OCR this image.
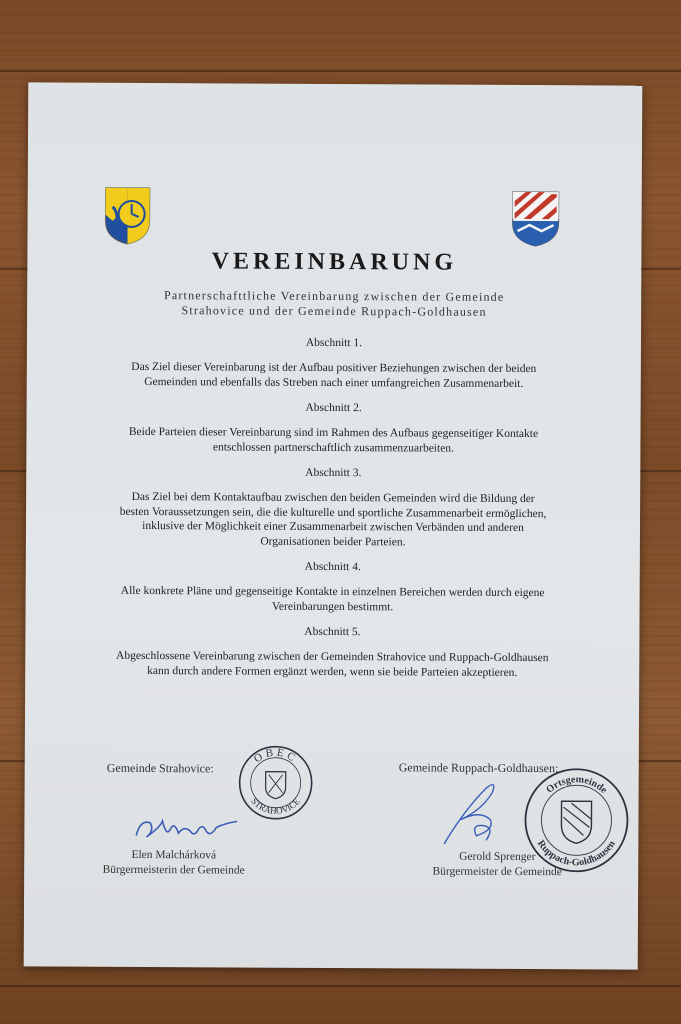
VEREINBARUNG
Partnerschafttliche Vereinbarung zwischen der Gemeinde
Strahovice und der Gemeinde Ruppach-Goldhausen
Abschnitt 1.
Das Ziel dieser Vereinbarung ist der Aufbau positiver Beziehungen zwischen der beiden
Gemeinden und ebenfalls das Streben nach einer umfangreichen Zusammenarbeit.
Abschnitt 2.
Beide Parteien dieser Vereinbarung sind im Rahmen des Aufbaus gegenseitiger Kontakte
entschlossen partnerschaftlich zusammenzuarbeiten.
Abschnitt 3.
Das Ziel bei dem Kontaktaufbau zwischen den beiden Gemeinden wird die Bildung der
besten Voraussetzungen sein, die die kulturelle und sportliche Zusammenarbeit ermöglichen,
inklusive der Möglichkeit einer Zusammenarbeit zwischen Verbänden und anderen
Organisationen beider Parteien.
Abschnitt 4.
Alle konkrete Pläne und gegenseitige Kontakte in einzelnen Bereichen werden durch eigene
Vereinbarungen bestimmt.
Abschnitt 5.
Abgeschlossene Vereinbarung zwischen der Gemeinden Strahovice und Ruppach-Goldhausen
kann durch andere Formen ergänzt werden, wenn sie beide Parteien akzeptieren.
Gemeinde Strahovice:
OBEC
STRAHOVICE
Elen Malchárková
Bürgermeisterin der Gemeinde
Gemeinde Ruppach-Goldhausen:
Ortsgemeinde
Ruppach-Goldhausen
Gerold Sprenger
Bürgermeister de Gemeinde
